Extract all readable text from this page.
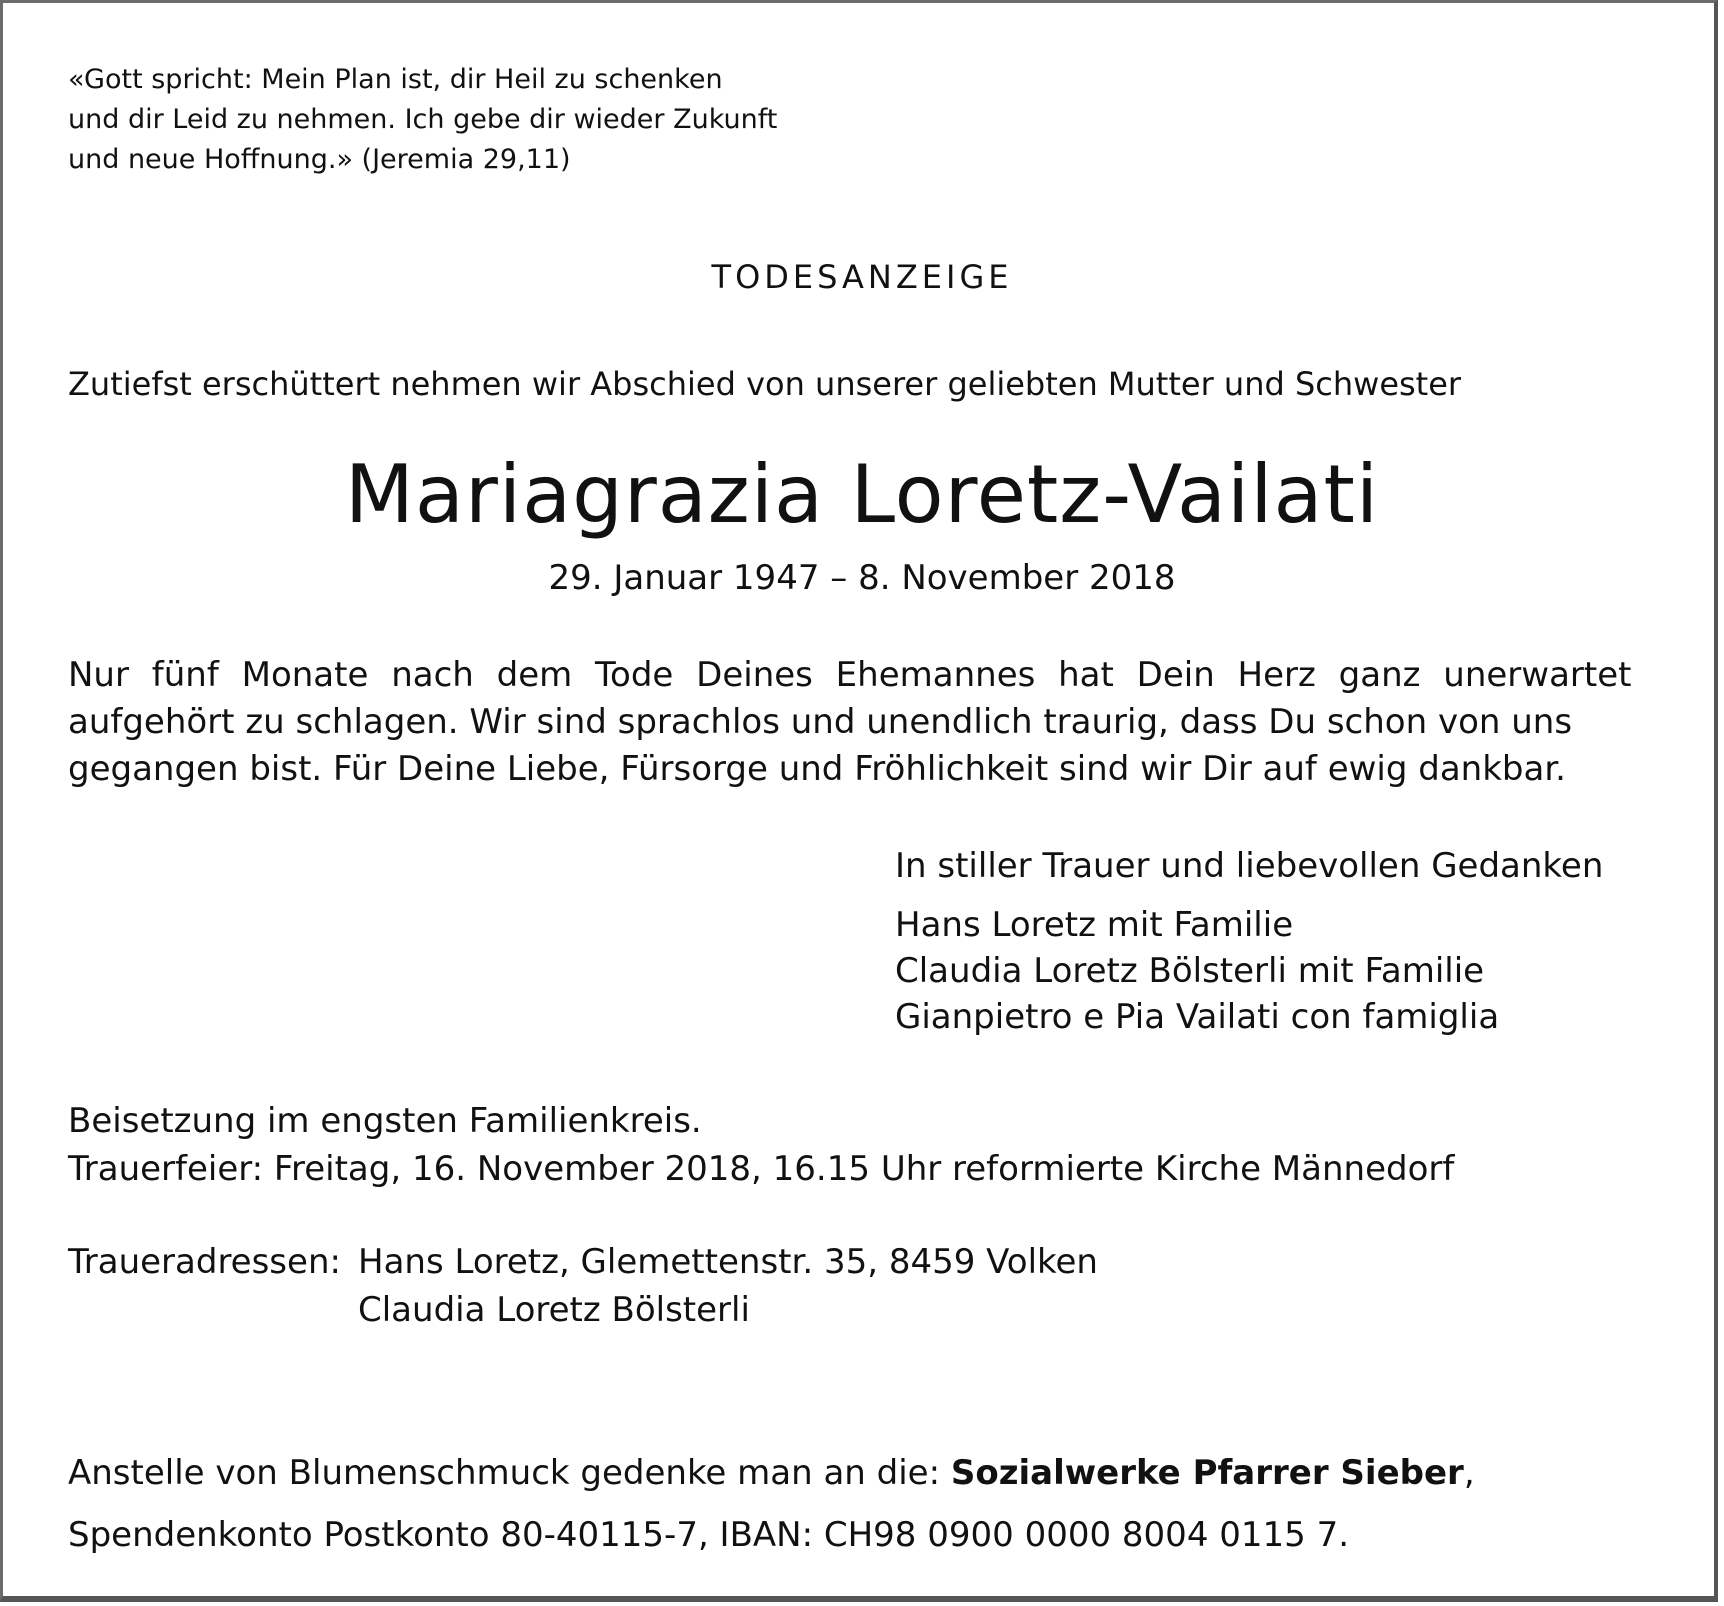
«Gott spricht: Mein Plan ist, dir Heil zu schenken
und dir Leid zu nehmen. Ich gebe dir wieder Zukunft
und neue Hoffnung.» (Jeremia 29,11)
TODESANZEIGE
Zutiefst erschüttert nehmen wir Abschied von unserer geliebten Mutter und Schwester
Mariagrazia Loretz-Vailati
29. Januar 1947 – 8. November 2018
Nur fünf Monate nach dem Tode Deines Ehemannes hat Dein Herz ganz unerwartet
aufgehört zu schlagen. Wir sind sprachlos und unendlich traurig, dass Du schon von uns
gegangen bist. Für Deine Liebe, Fürsorge und Fröhlichkeit sind wir Dir auf ewig dankbar.
In stiller Trauer und liebevollen Gedanken
Hans Loretz mit Familie
Claudia Loretz Bölsterli mit Familie
Gianpietro e Pia Vailati con famiglia
Beisetzung im engsten Familienkreis.
Trauerfeier: Freitag, 16. November 2018, 16.15 Uhr reformierte Kirche Männedorf
Traueradressen: Hans Loretz, Glemettenstr. 35, 8459 Volken
Claudia Loretz Bölsterli
Anstelle von Blumenschmuck gedenke man an die: Sozialwerke Pfarrer Sieber,
Spendenkonto Postkonto 80-40115-7, IBAN: CH98 0900 0000 8004 0115 7.
